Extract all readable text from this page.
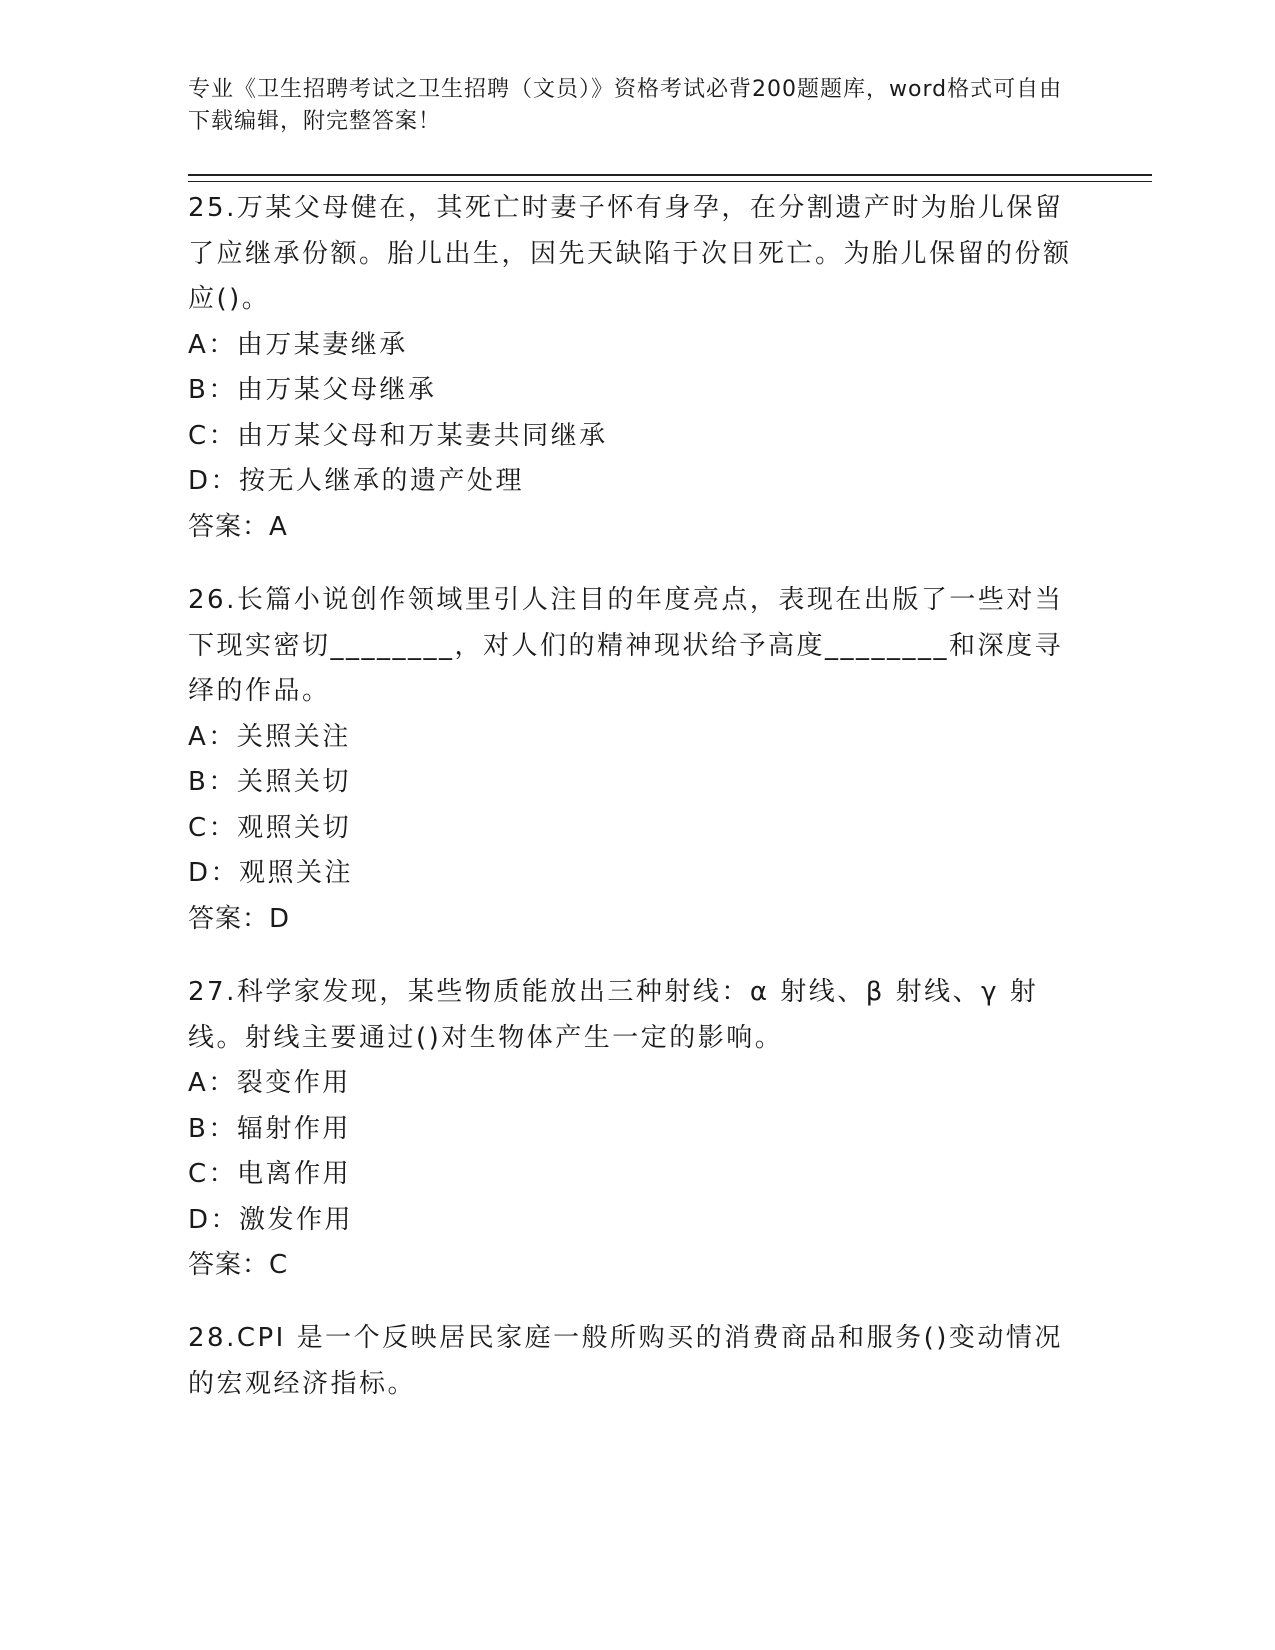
专业《卫生招聘考试之卫生招聘（文员）》资格考试必背200题题库，word格式可自由下载编辑，附完整答案！
25.万某父母健在，其死亡时妻子怀有身孕，在分割遗产时为胎儿保留了应继承份额。胎儿出生，因先天缺陷于次日死亡。为胎儿保留的份额应()。
A：由万某妻继承
B：由万某父母继承
C：由万某父母和万某妻共同继承
D：按无人继承的遗产处理
答案：A
26.长篇小说创作领域里引人注目的年度亮点，表现在出版了一些对当下现实密切________，对人们的精神现状给予高度________和深度寻绎的作品。
A：关照关注
B：关照关切
C：观照关切
D：观照关注
答案：D
27.科学家发现，某些物质能放出三种射线：α 射线、β 射线、γ 射线。射线主要通过()对生物体产生一定的影响。
A：裂变作用
B：辐射作用
C：电离作用
D：激发作用
答案：C
28.CPI 是一个反映居民家庭一般所购买的消费商品和服务()变动情况的宏观经济指标。
